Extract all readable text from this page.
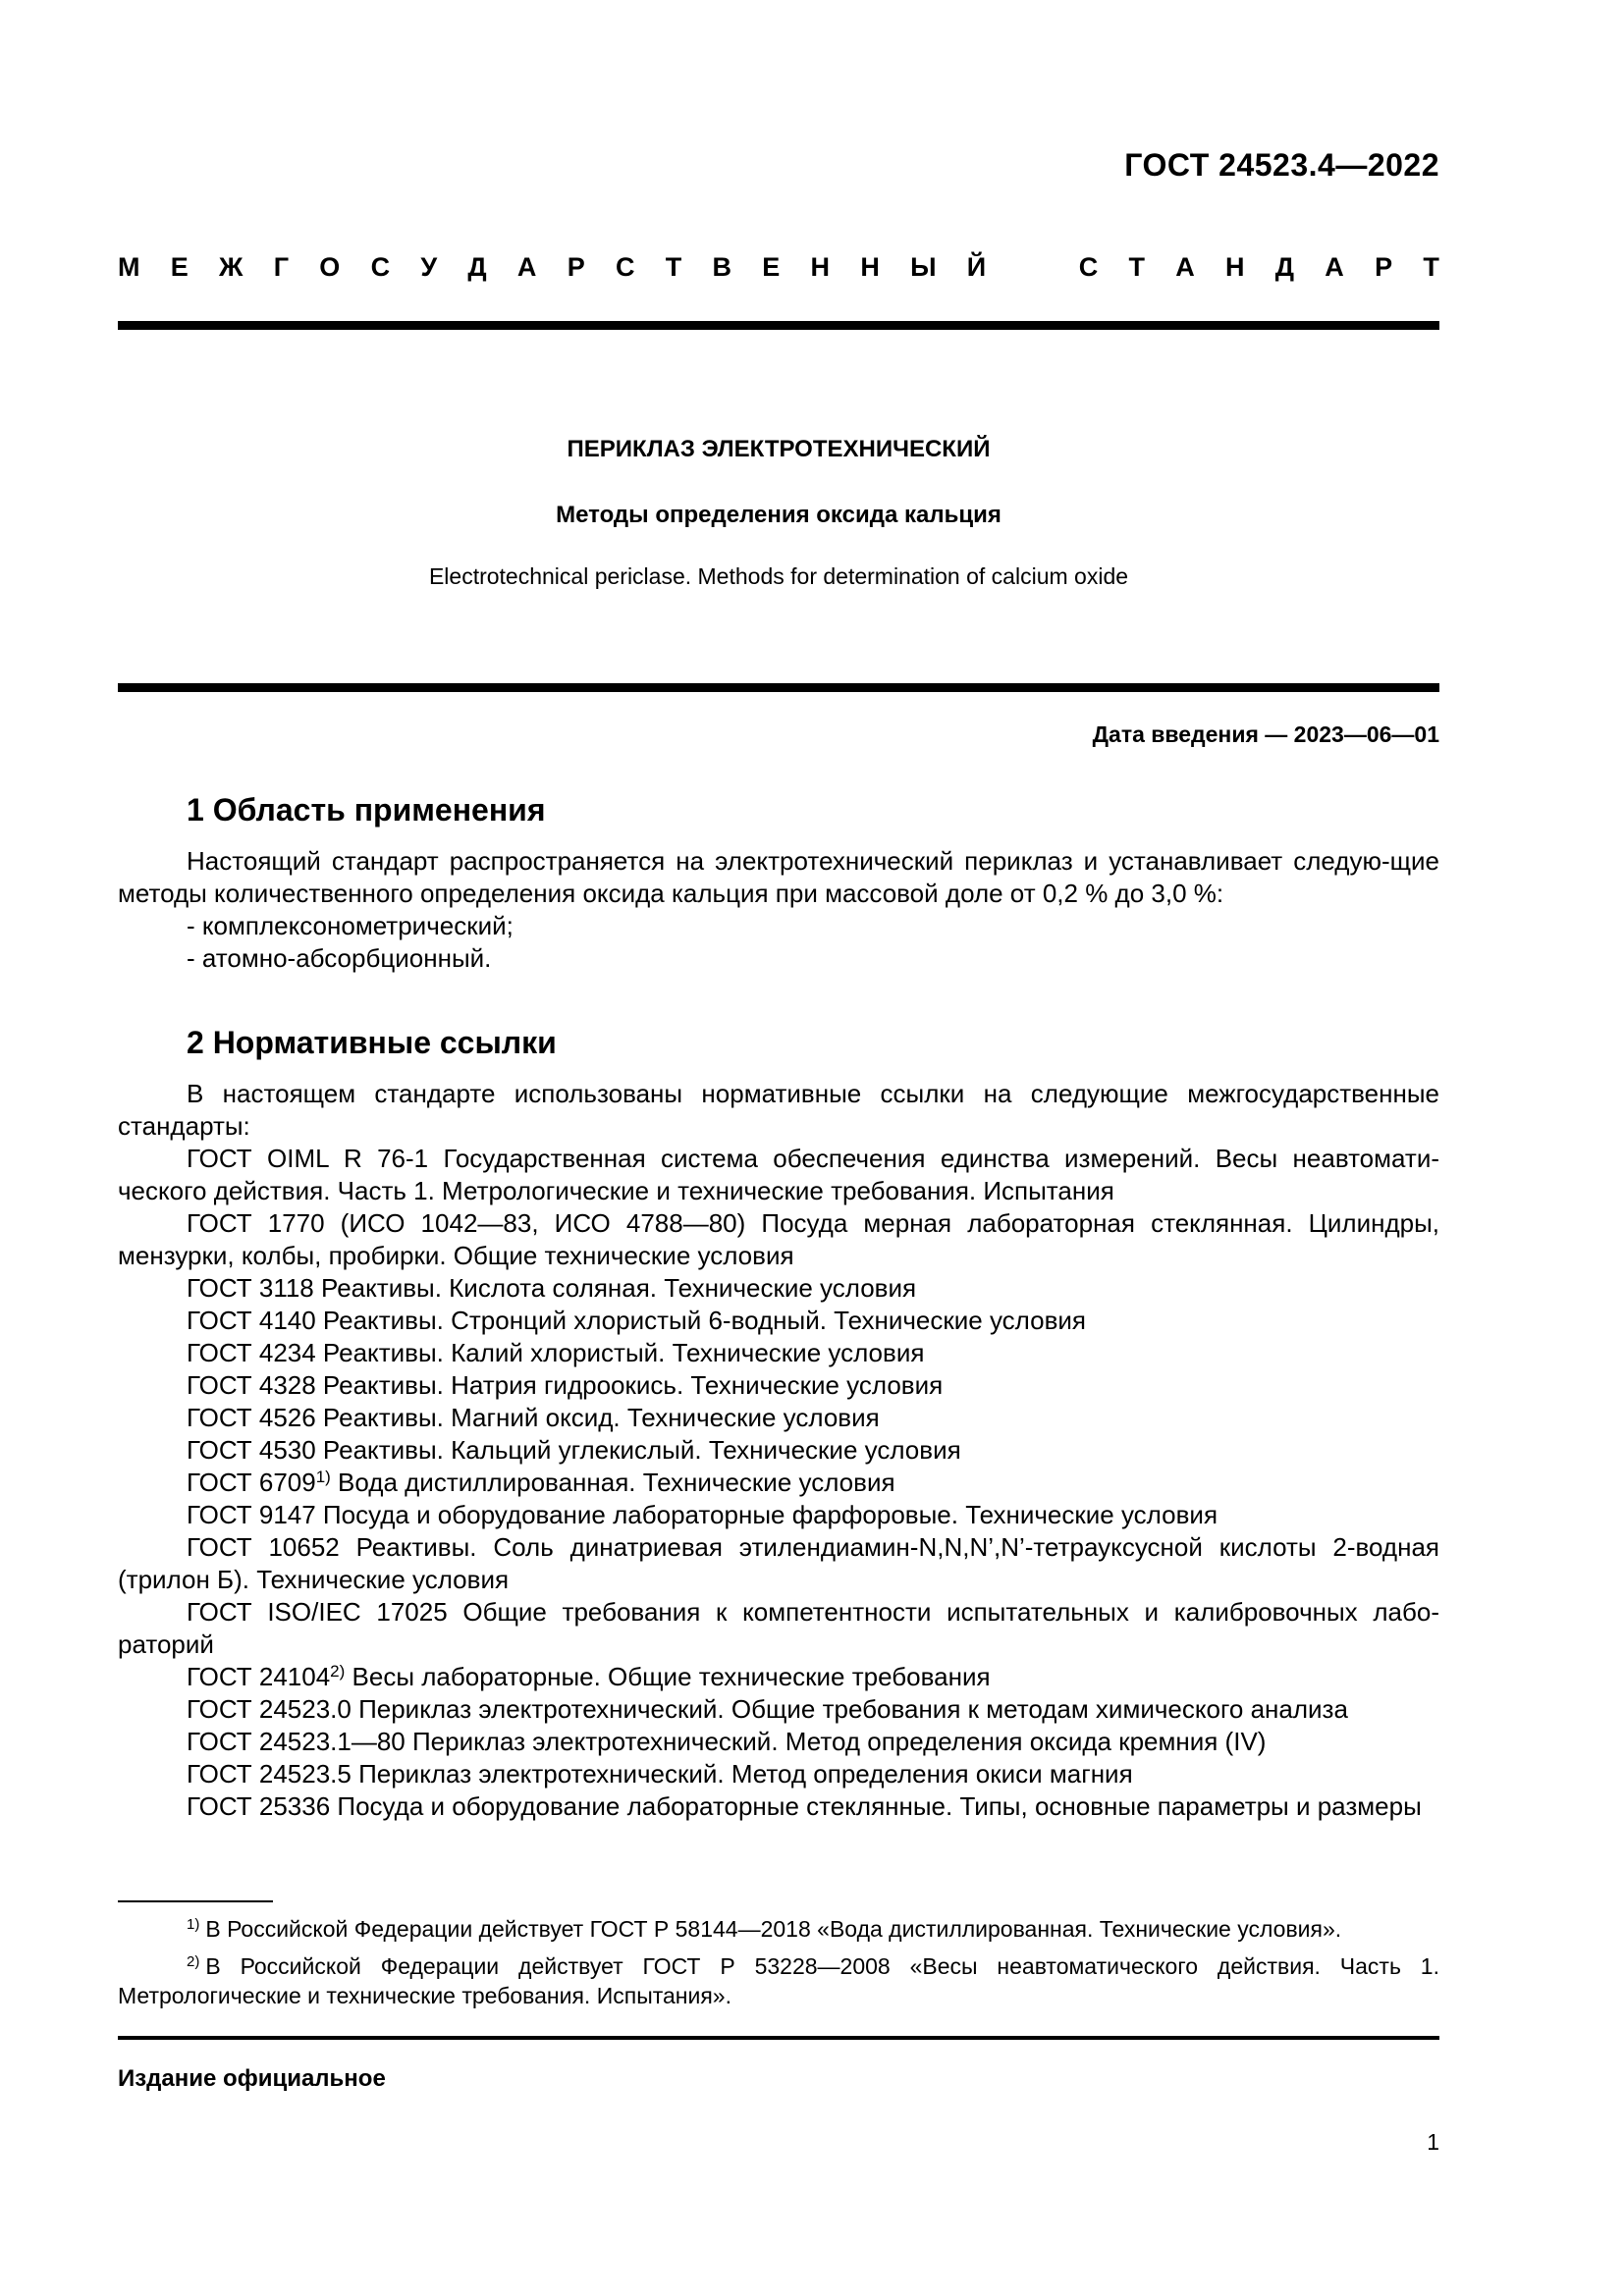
ГОСТ 24523.4—2022
М Е Ж Г О С У Д А Р С Т В Е Н Н Ы Й	С Т А Н Д А Р Т
ПЕРИКЛАЗ ЭЛЕКТРОТЕХНИЧЕСКИЙ
Методы определения оксида кальция
Electrotechnical periclase. Methods for determination of calcium oxide
Дата введения — 2023—06—01
1 Область применения

Настоящий стандарт распространяется на электротехнический периклаз и устанавливает следую-щие методы количественного определения оксида кальция при массовой доле от 0,2 % до 3,0 %:

- комплексонометрический;

- атомно-абсорбционный.

2 Нормативные ссылки

В настоящем стандарте использованы нормативные ссылки на следующие межгосударственные стандарты:

ГОСТ OIML R 76-1 Государственная система обеспечения единства измерений. Весы неавтомати-ческого действия. Часть 1. Метрологические и технические требования. Испытания

ГОСТ 1770 (ИСО 1042—83, ИСО 4788—80) Посуда мерная лабораторная стеклянная. Цилиндры, мензурки, колбы, пробирки. Общие технические условия

ГОСТ 3118 Реактивы. Кислота соляная. Технические условия

ГОСТ 4140 Реактивы. Стронций хлористый 6-водный. Технические условия

ГОСТ 4234 Реактивы. Калий хлористый. Технические условия

ГОСТ 4328 Реактивы. Натрия гидроокись. Технические условия

ГОСТ 4526 Реактивы. Магний оксид. Технические условия

ГОСТ 4530 Реактивы. Кальций углекислый. Технические условия

ГОСТ 6709$^{1)}$ Вода дистиллированная. Технические условия

ГОСТ 9147 Посуда и оборудование лабораторные фарфоровые. Технические условия

ГОСТ 10652 Реактивы. Соль динатриевая этилендиамин-N,N,N’,N’-тетрауксусной кислоты 2-водная (трилон Б). Технические условия

ГОСТ ISO/IEC 17025 Общие требования к компетентности испытательных и калибровочных лабо-раторий

ГОСТ 24104$^{2)}$ Весы лабораторные. Общие технические требования

ГОСТ 24523.0 Периклаз электротехнический. Общие требования к методам химического анализа

ГОСТ 24523.1—80 Периклаз электротехнический. Метод определения оксида кремния (IV)

ГОСТ 24523.5 Периклаз электротехнический. Метод определения окиси магния

ГОСТ 25336 Посуда и оборудование лабораторные стеклянные. Типы, основные параметры и размеры

$^{1)}$ В Российской Федерации действует ГОСТ Р 58144—2018 «Вода дистиллированная. Технические условия».

$^{2)}$ В Российской Федерации действует ГОСТ Р 53228—2008 «Весы неавтоматического действия. Часть 1. Метрологические и технические требования. Испытания».

Издание официальное
1
